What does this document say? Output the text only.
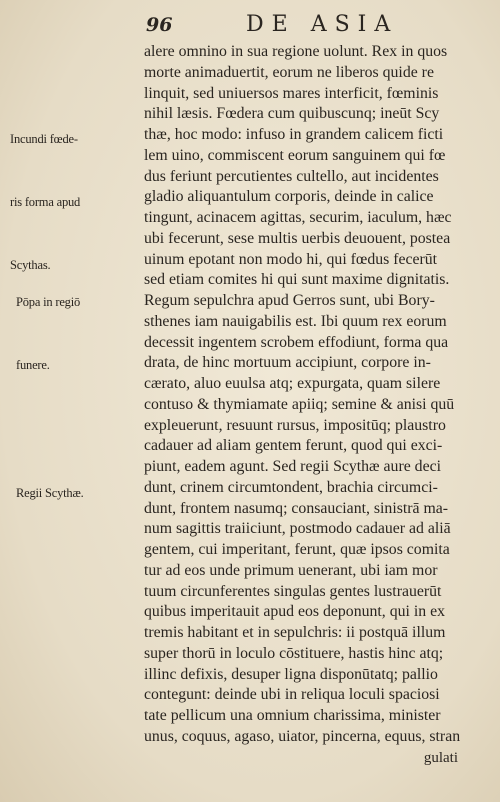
96	DE ASIA

Incundi fœde-

ris forma apud

Scythas.

Pōpa in regiō

funere.

Regii Scythæ.

alere omnino in sua regione uolunt. Rex in quos
morte animaduertit, eorum ne liberos quide re
linquit, sed uniuersos mares interficit, fœminis
nihil læsis. Fœdera cum quibuscunq; ineūt Scy
thæ, hoc modo: infuso in grandem calicem ficti
lem uino, commiscent eorum sanguinem qui fœ
dus feriunt percutientes cultello, aut incidentes
gladio aliquantulum corporis, deinde in calice
tingunt, acinacem agittas, securim, iaculum, hæc
ubi fecerunt, sese multis uerbis deuouent, postea
uinum epotant non modo hi, qui fœdus fecerūt
sed etiam comites hi qui sunt maxime dignitatis.
Regum sepulchra apud Gerros sunt, ubi Bory-
sthenes iam nauigabilis est. Ibi quum rex eorum
decessit ingentem scrobem effodiunt, forma qua
drata, de hinc mortuum accipiunt, corpore in-
cærato, aluo euulsa atq; expurgata, quam silere
contuso & thymiamate apiiq; semine & anisi quū
expleuerunt, resuunt rursus, impositūq; plaustro
cadauer ad aliam gentem ferunt, quod qui exci-
piunt, eadem agunt. Sed regii Scythæ aure deci
dunt, crinem circumtondent, brachia circumci-
dunt, frontem nasumq; consauciant, sinistrā ma-
num sagittis traiiciunt, postmodo cadauer ad aliā
gentem, cui imperitant, ferunt, quæ ipsos comita
tur ad eos unde primum uenerant, ubi iam mor
tuum circunferentes singulas gentes lustrauerūt
quibus imperitauit apud eos deponunt, qui in ex
tremis habitant et in sepulchris: ii postquā illum
super thorū in loculo cōstituere, hastis hinc atq;
illinc defixis, desuper ligna disponūtatq; pallio
contegunt: deinde ubi in reliqua loculi spaciosi
tate pellicum una omnium charissima, minister
unus, coquus, agaso, uiator, pincerna, equus, stran
gulati
